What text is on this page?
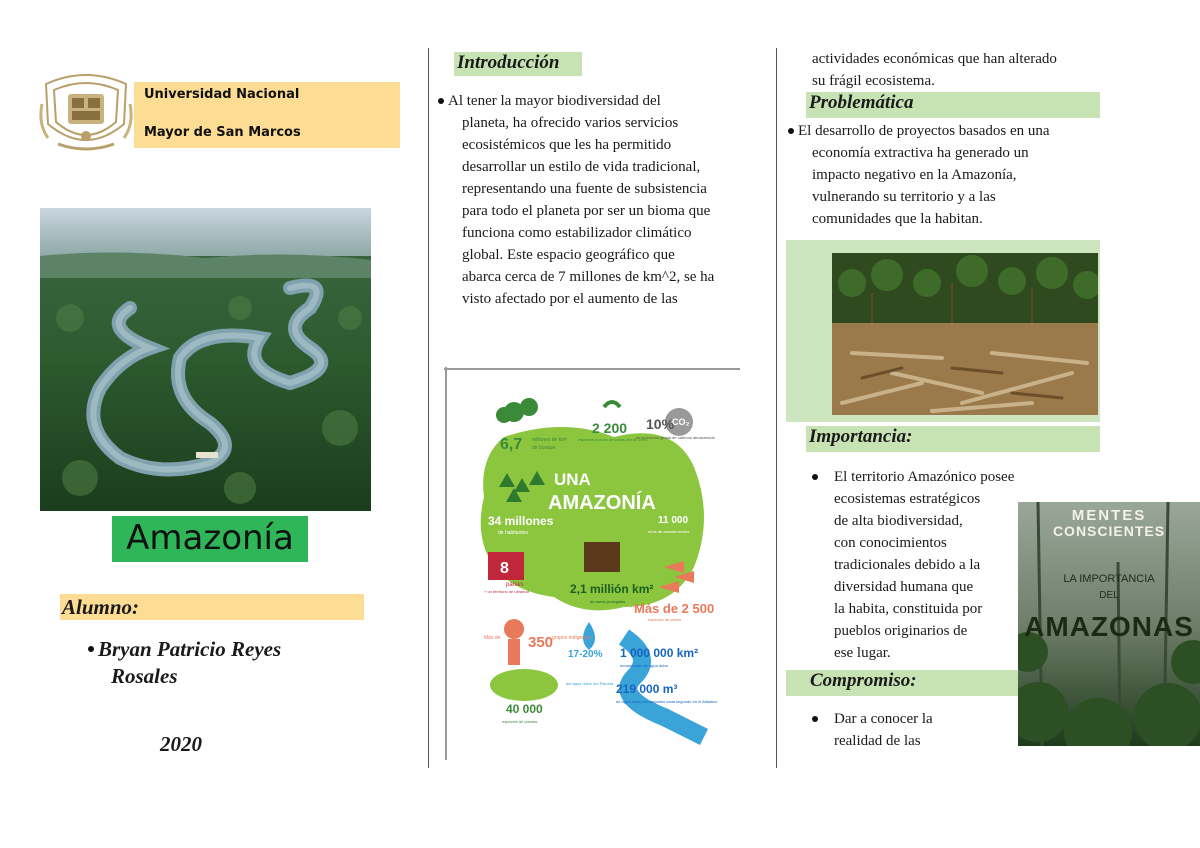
Universidad Nacional
Mayor de San Marcos
Amazonía
Alumno:
Bryan Patricio Reyes
Rosales
2020
Introducción
Al tener la mayor biodiversidad del
planeta, ha ofrecido varios servicios
ecosistémicos que les ha permitido
desarrollar un estilo de vida tradicional,
representando una fuente de subsistencia
para todo el planeta por ser un bioma que
funciona como estabilizador climático
global. Este espacio geográfico que
abarca cerca de 7 millones de km^2, se ha
visto afectado por el aumento de las
6,7 millones de km²
de bosque
2 200
especies nuevas descritas desde 1999
10%
de la reserva global de carbono almacenado
CO₂
UNA
AMAZONÍA
34 millones
de habitantes
11 000
años de asentamientos
8
países
+ un territorio de ultramar	2,1 millión km²
de áreas protegidas Más de 2 500
especies de peces
Más de 350
grupos indígenas
17-20%
del agua dulce del Planeta
1 000 000 km²
ecosistemas de agua dulce
219 000 m³
de agua dulce descargados cada segundo en el Atlántico
40 000
especies de plantas
actividades económicas que han alterado
su frágil ecosistema.
Problemática
El desarrollo de proyectos basados en una
economía extractiva ha generado un
impacto negativo en la Amazonía,
vulnerando su territorio y a las
comunidades que la habitan.
Importancia:
El territorio Amazónico posee
ecosistemas estratégicos
de alta biodiversidad,
con conocimientos
tradicionales debido a la
diversidad humana que
la habita, constituida por
pueblos originarios de
ese lugar.
Compromiso:
Dar a conocer la
realidad de las
MENTES
CONSCIENTES
LA IMPORTANCIA
DEL
AMAZONAS
